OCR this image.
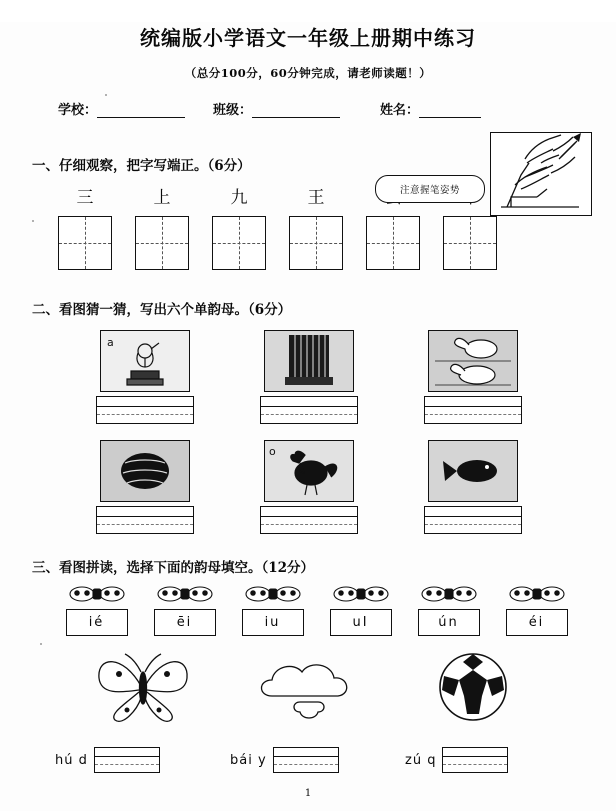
统编版小学语文一年级上册期中练习
（总分100分，60分钟完成，请老师读题！）
学校：	班级：	姓名：
注意握笔姿势
一、仔细观察，把字写端正。（6分）
三	上	九	王
二、看图猜一猜，写出六个单韵母。（6分）
a
o
三、看图拼读，选择下面的韵母填空。（12分）
ié	ēi	iu	uI	ún	éi
hú d	bái y	zú q
1
